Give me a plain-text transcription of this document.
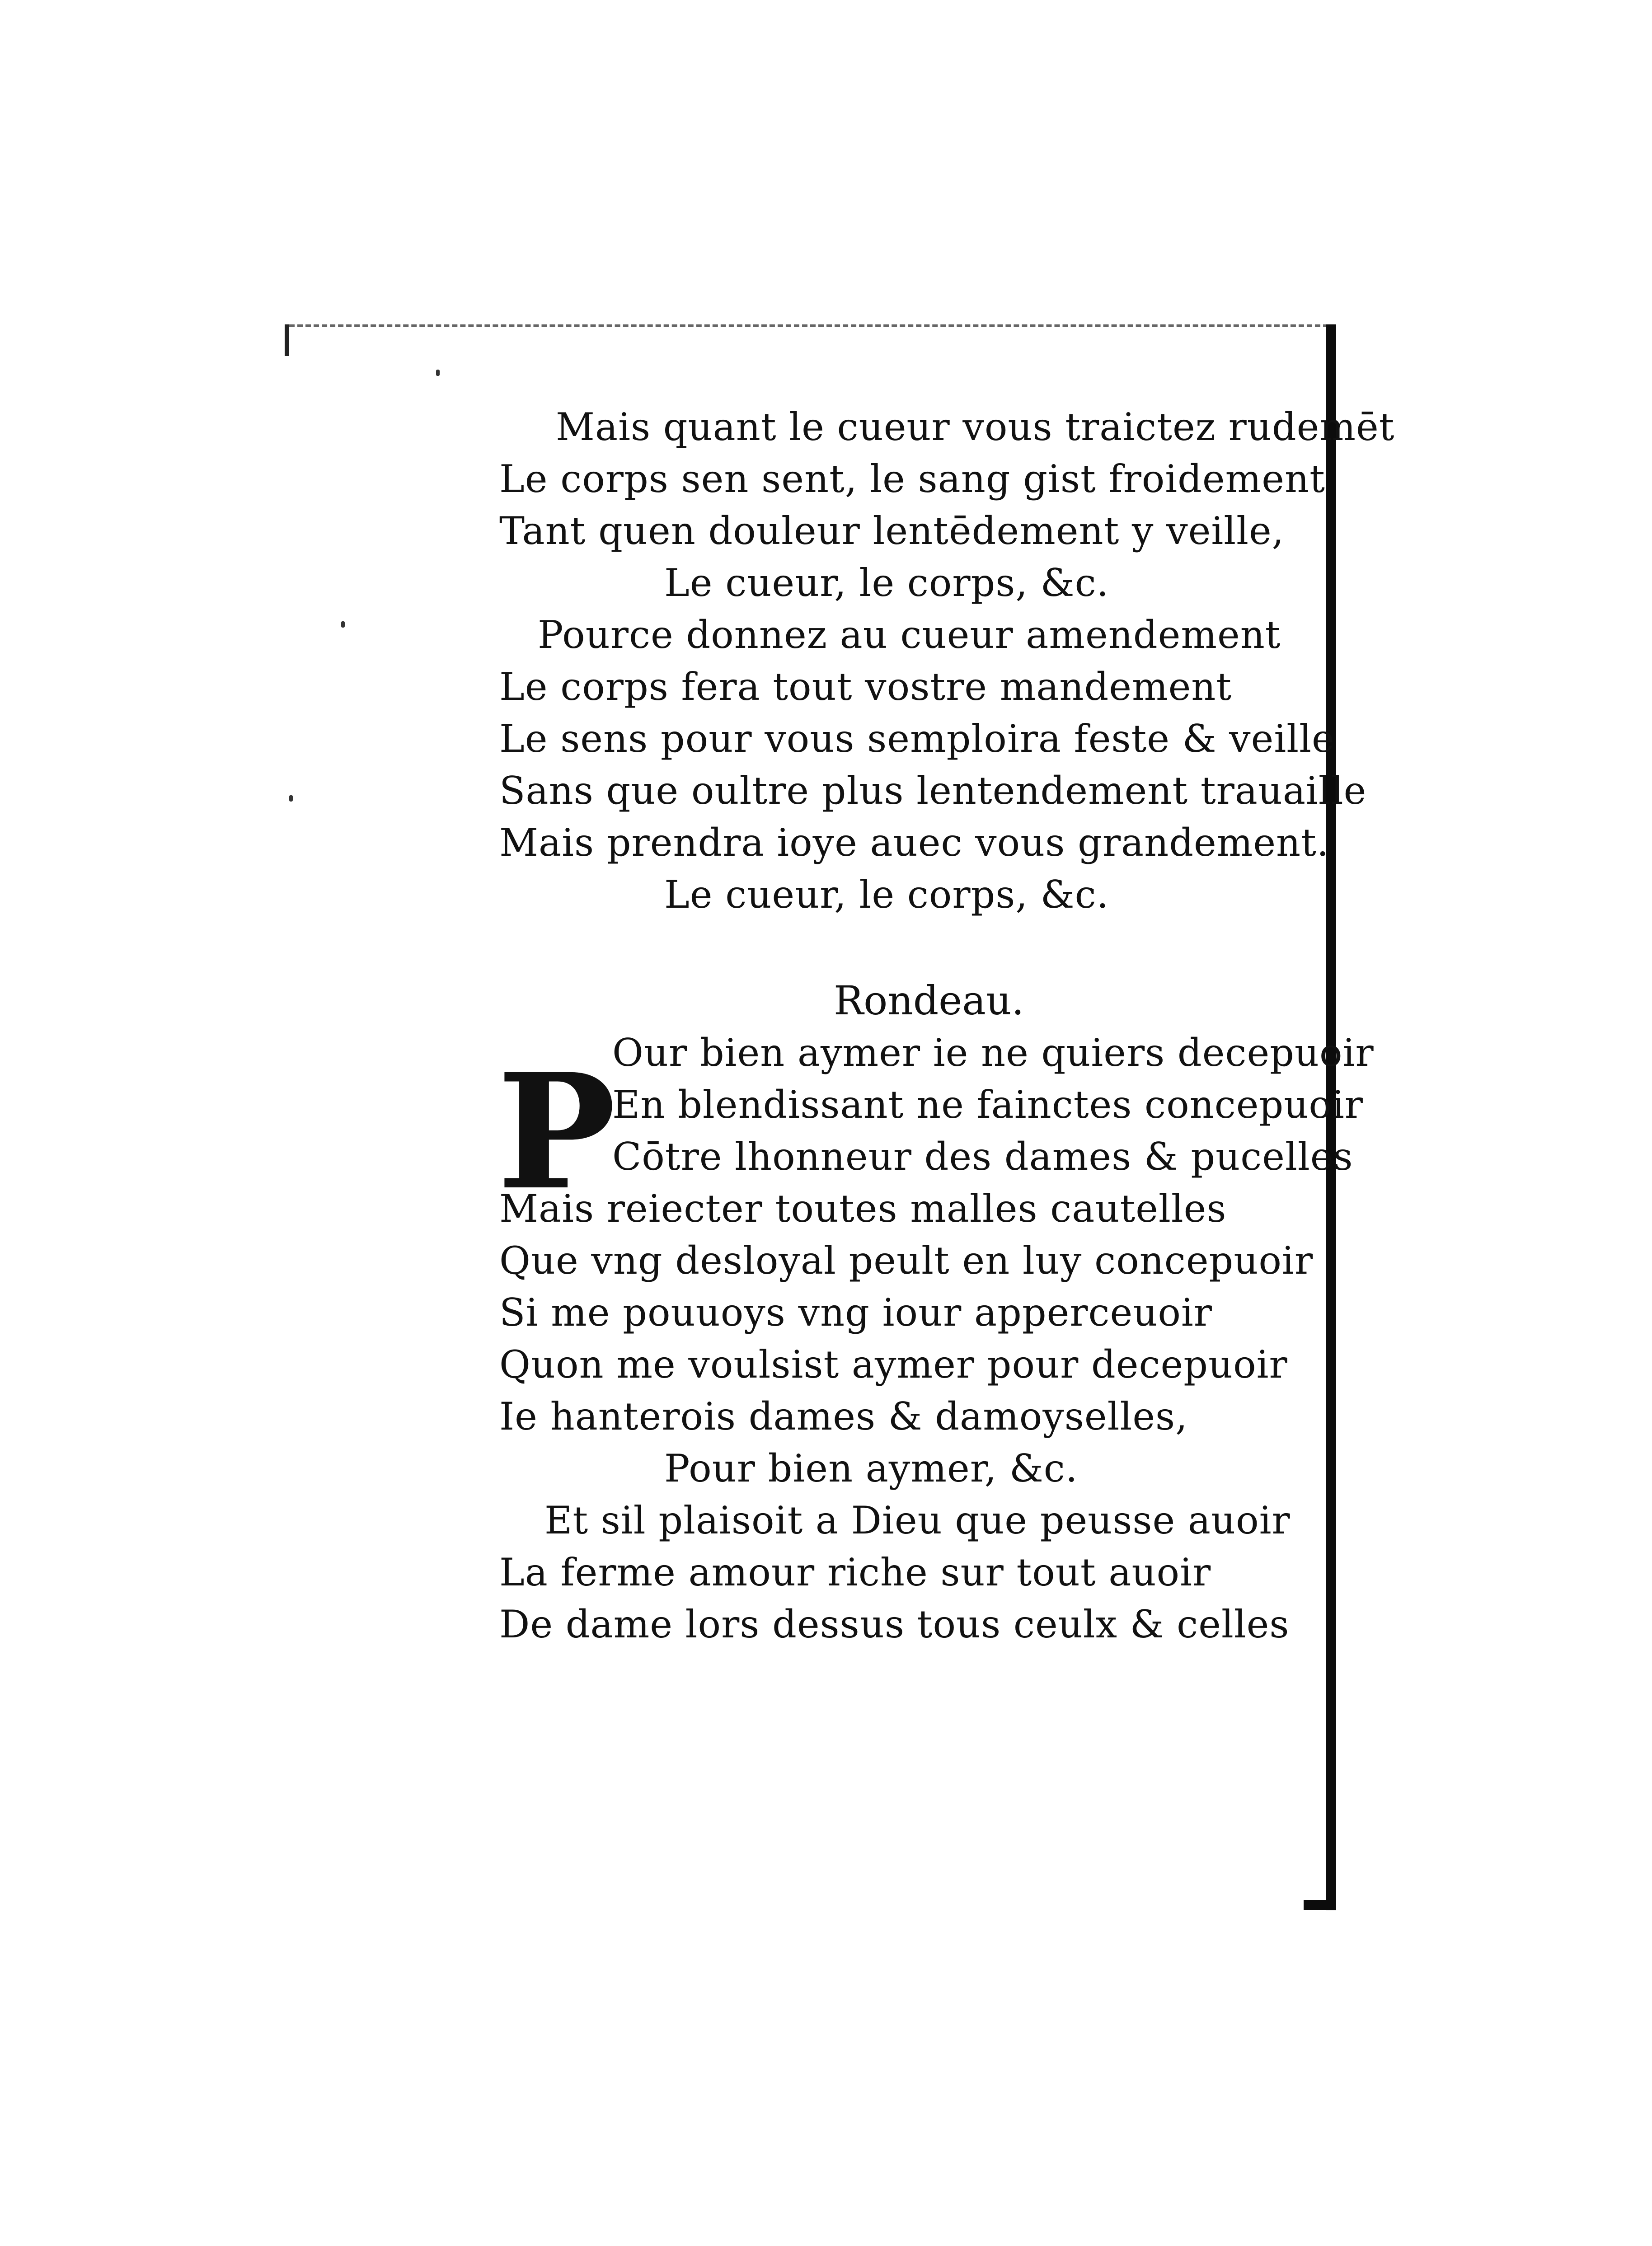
Mais quant le cueur vous traictez rudemēt
Le corps sen sent, le sang gist froidement
Tant quen douleur lentēdement y veille,
Le cueur, le corps, &c.
Pource donnez au cueur amendement
Le corps fera tout vostre mandement
Le sens pour vous semploira feste & veille
Sans que oultre plus lentendement trauaille
Mais prendra ioye auec vous grandement.
Le cueur, le corps, &c.
Rondeau.
P
Our bien aymer ie ne quiers decepuoir
En blendissant ne fainctes concepuoir
Cōtre lhonneur des dames & pucelles
Mais reiecter toutes malles cautelles
Que vng desloyal peult en luy concepuoir
Si me pouuoys vng iour apperceuoir
Quon me voulsist aymer pour decepuoir
Ie hanterois dames & damoyselles,
Pour bien aymer, &c.
Et sil plaisoit a Dieu que peusse auoir
La ferme amour riche sur tout auoir
De dame lors dessus tous ceulx & celles
